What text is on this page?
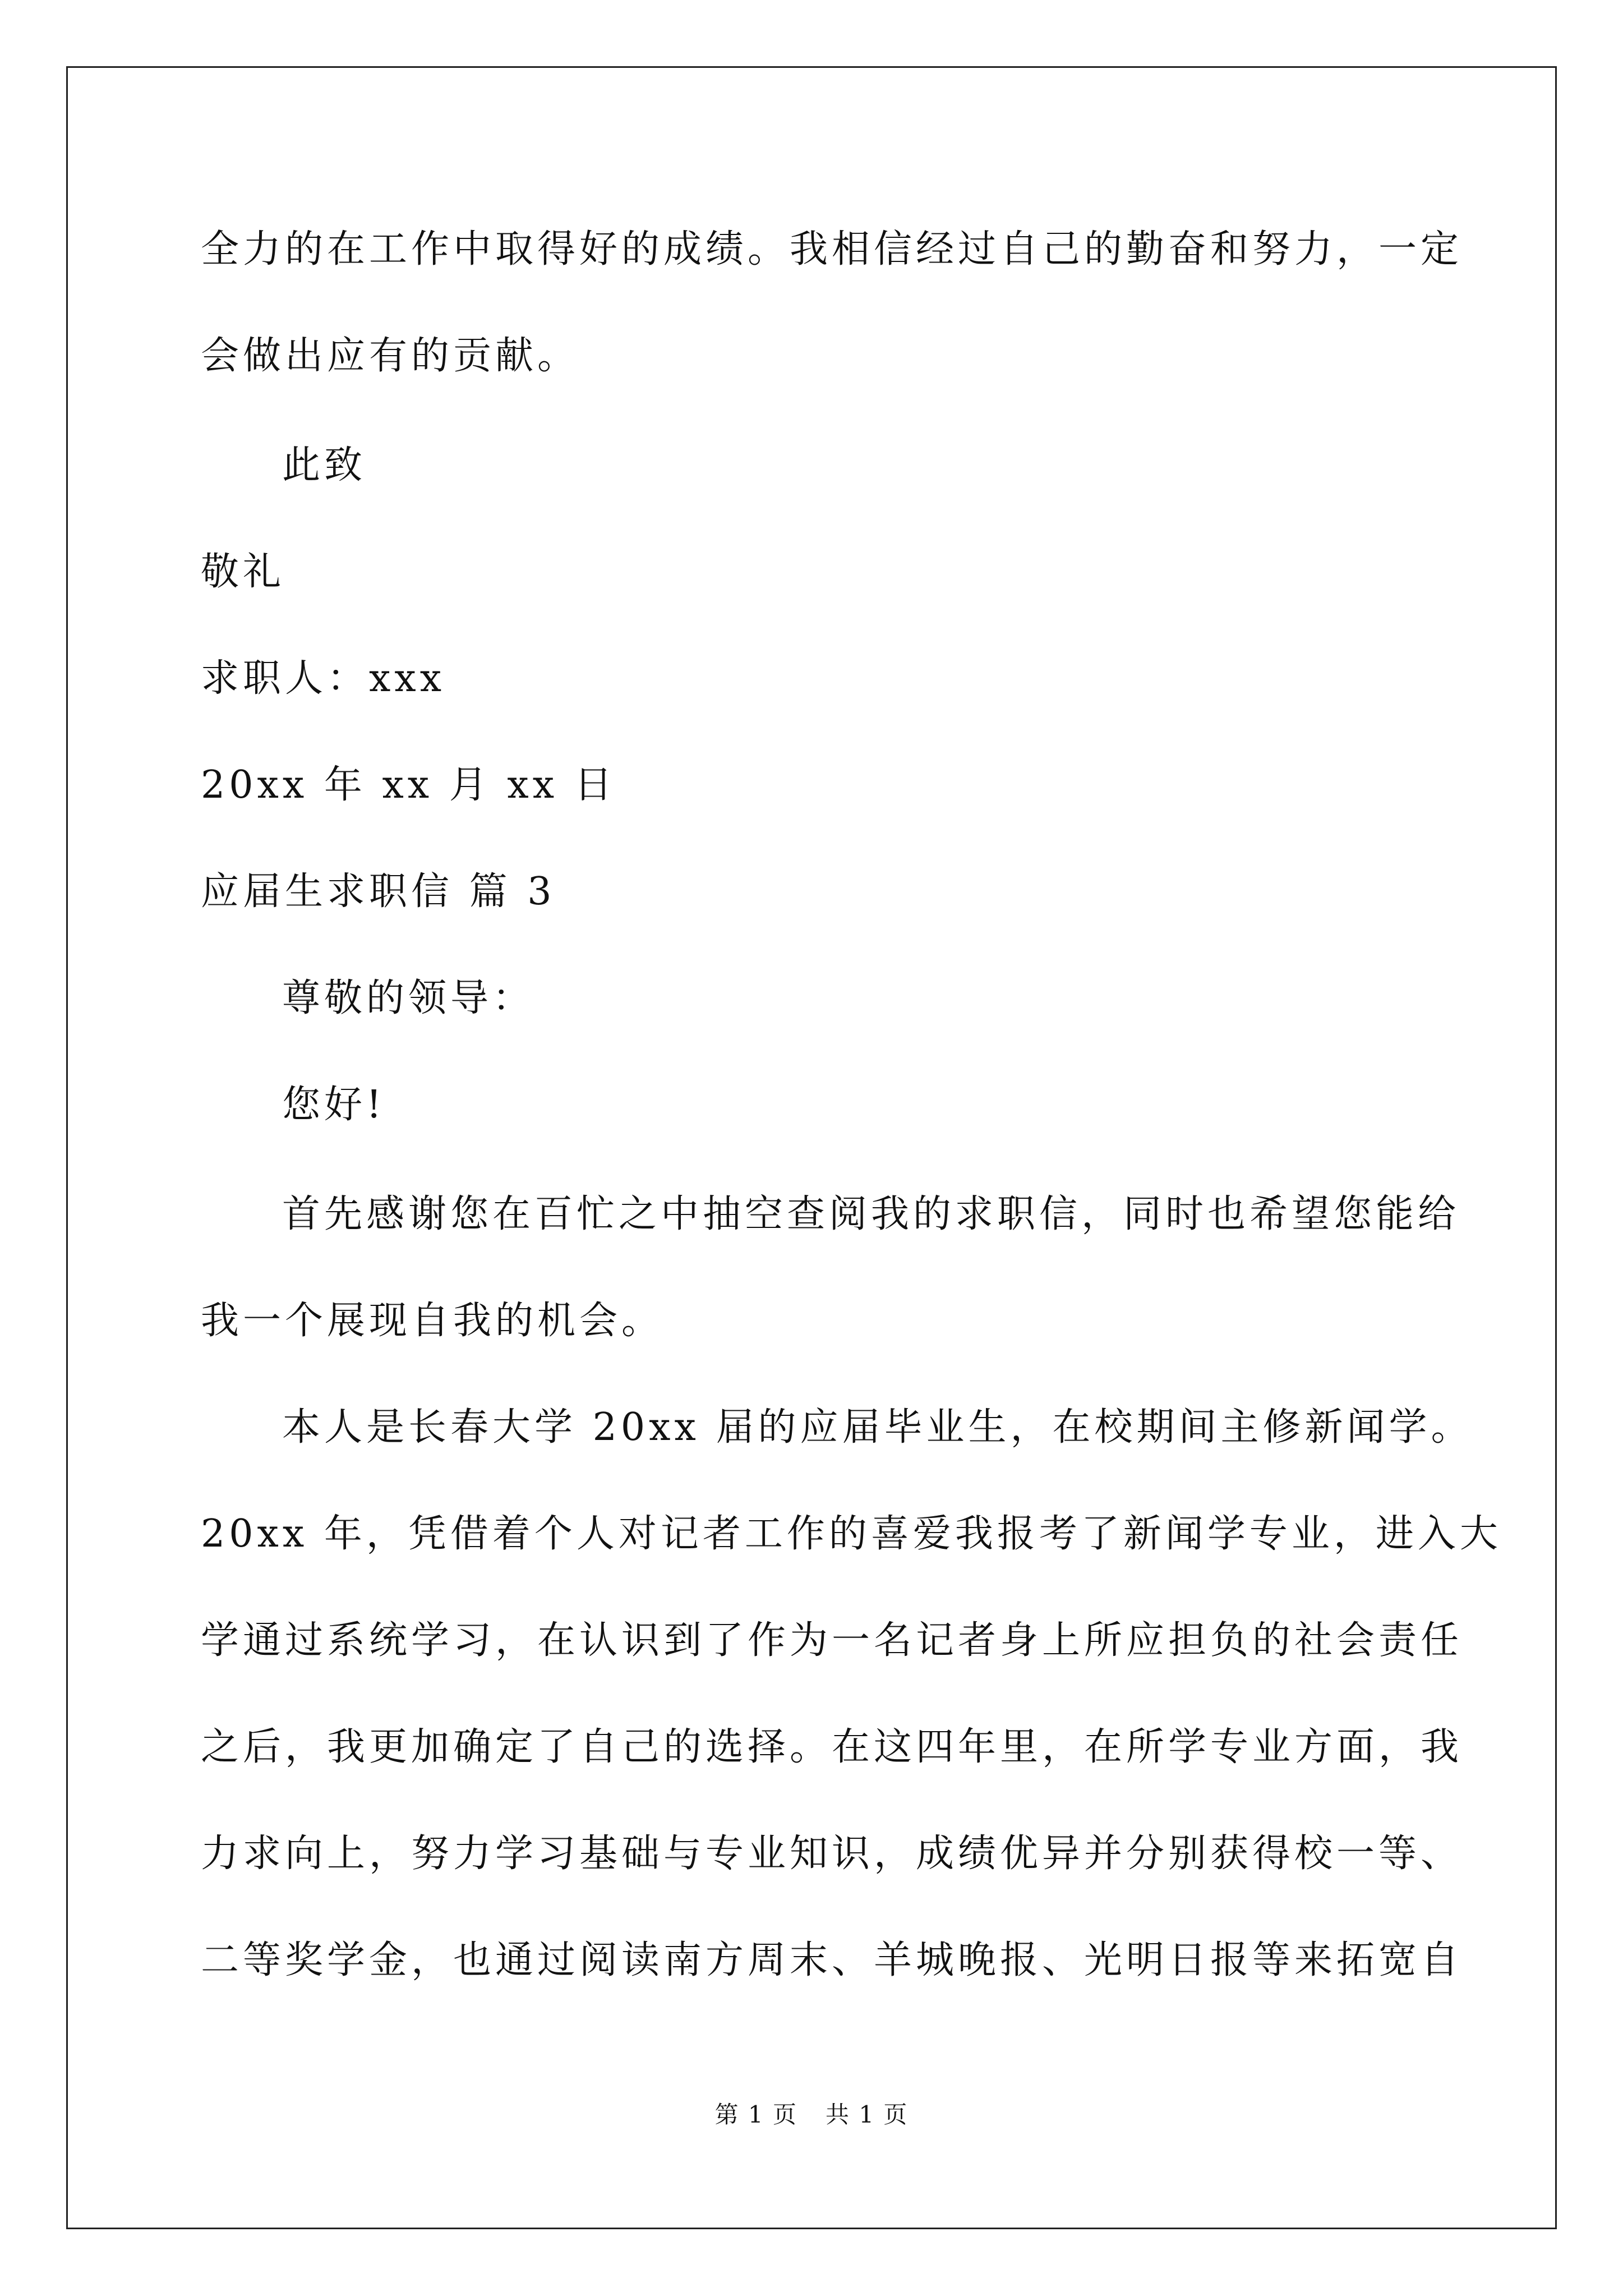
全力的在工作中取得好的成绩。我相信经过自己的勤奋和努力，一定
会做出应有的贡献。
此致
敬礼
求职人：xxx
20xx 年 xx 月 xx 日
应届生求职信 篇 3
尊敬的领导：
您好!
首先感谢您在百忙之中抽空查阅我的求职信，同时也希望您能给
我一个展现自我的机会。
本人是长春大学 20xx 届的应届毕业生，在校期间主修新闻学。
20xx 年，凭借着个人对记者工作的喜爱我报考了新闻学专业，进入大
学通过系统学习，在认识到了作为一名记者身上所应担负的社会责任
之后，我更加确定了自己的选择。在这四年里，在所学专业方面，我
力求向上，努力学习基础与专业知识，成绩优异并分别获得校一等、
二等奖学金，也通过阅读南方周末、羊城晚报、光明日报等来拓宽自
第 1 页 共 1 页
